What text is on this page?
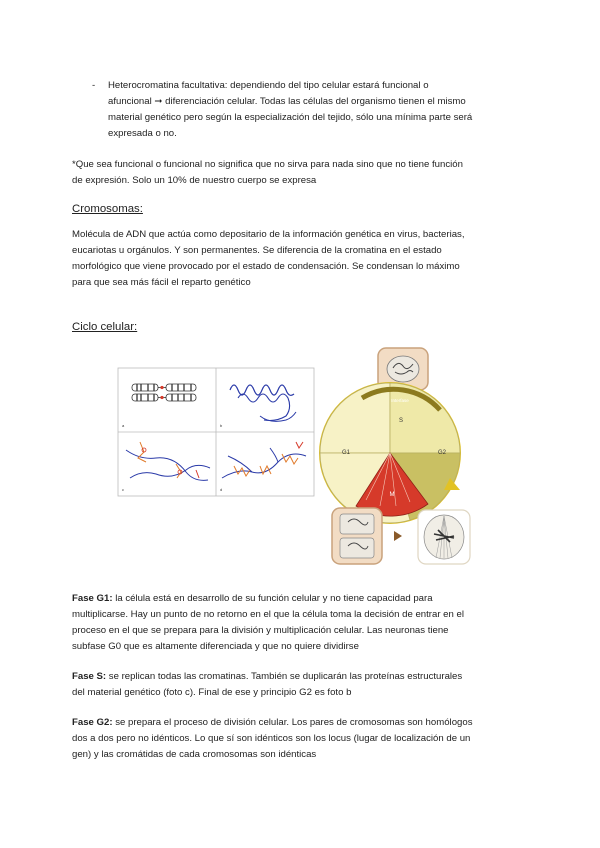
- Heterocromatina facultativa: dependiendo del tipo celular estará funcional o
afuncional ➞ diferenciación celular. Todas las células del organismo tienen el mismo
material genético pero según la especialización del tejido, sólo una mínima parte será
expresada o no.
*Que sea funcional o funcional no significa que no sirva para nada sino que no tiene función
de expresión. Solo un 10% de nuestro cuerpo se expresa
Cromosomas:
Molécula de ADN que actúa como depositario de la información genética en virus, bacterias,
eucariotas u orgánulos. Y son permanentes. Se diferencia de la cromatina en el estado
morfológico que viene provocado por el estado de condensación. Se condensan lo máximo
para que sea más fácil el reparto genético
Ciclo celular:
a	b
c	d
Interfase
S
G1	G2
M
Fase G1: la célula está en desarrollo de su función celular y no tiene capacidad para
multiplicarse. Hay un punto de no retorno en el que la célula toma la decisión de entrar en el
proceso en el que se prepara para la división y multiplicación celular. Las neuronas tiene
subfase G0 que es altamente diferenciada y que no quiere dividirse
Fase S: se replican todas las cromatinas. También se duplicarán las proteínas estructurales
del material genético (foto c). Final de ese y principio G2 es foto b
Fase G2: se prepara el proceso de división celular. Los pares de cromosomas son homólogos
dos a dos pero no idénticos. Lo que sí son idénticos son los locus (lugar de localización de un
gen) y las cromátidas de cada cromosomas son idénticas
